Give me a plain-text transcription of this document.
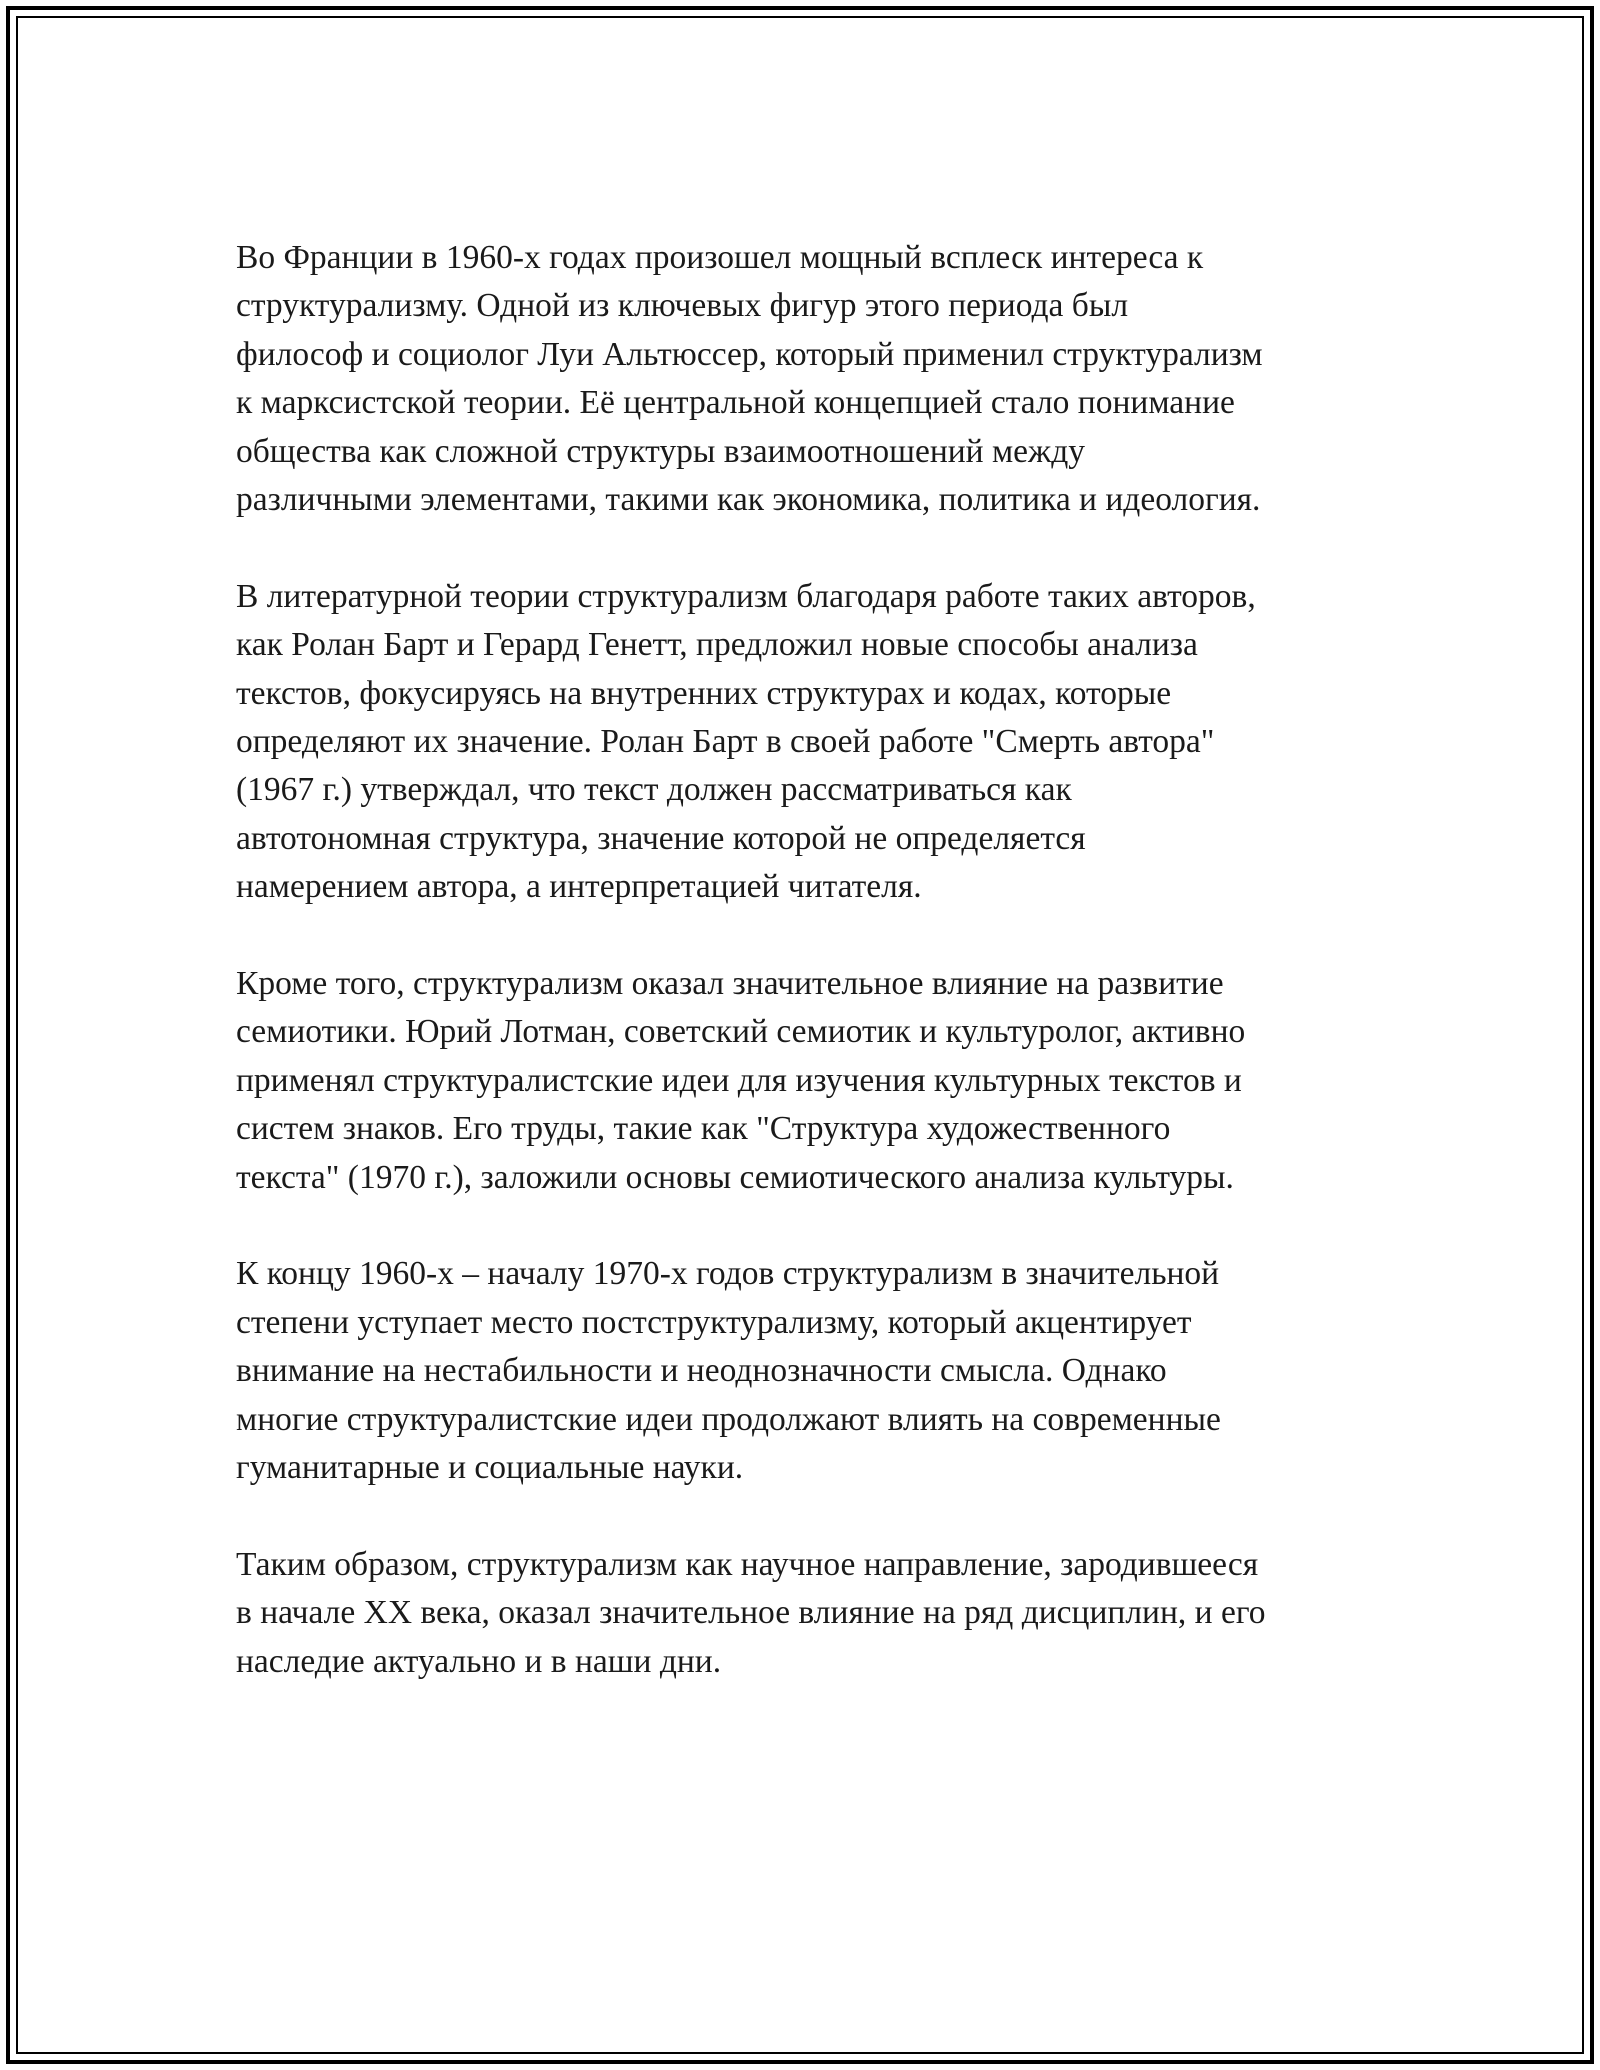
Во Франции в 1960-х годах произошел мощный всплеск интереса к
структурализму. Одной из ключевых фигур этого периода был
философ и социолог Луи Альтюссер, который применил структурализм
к марксистской теории. Её центральной концепцией стало понимание
общества как сложной структуры взаимоотношений между
различными элементами, такими как экономика, политика и идеология.
В литературной теории структурализм благодаря работе таких авторов,
как Ролан Барт и Герард Генетт, предложил новые способы анализа
текстов, фокусируясь на внутренних структурах и кодах, которые
определяют их значение. Ролан Барт в своей работе "Смерть автора"
(1967 г.) утверждал, что текст должен рассматриваться как
автотономная структура, значение которой не определяется
намерением автора, а интерпретацией читателя.
Кроме того, структурализм оказал значительное влияние на развитие
семиотики. Юрий Лотман, советский семиотик и культуролог, активно
применял структуралистские идеи для изучения культурных текстов и
систем знаков. Его труды, такие как "Структура художественного
текста" (1970 г.), заложили основы семиотического анализа культуры.
К концу 1960-х – началу 1970-х годов структурализм в значительной
степени уступает место постструктурализму, который акцентирует
внимание на нестабильности и неоднозначности смысла. Однако
многие структуралистские идеи продолжают влиять на современные
гуманитарные и социальные науки.
Таким образом, структурализм как научное направление, зародившееся
в начале XX века, оказал значительное влияние на ряд дисциплин, и его
наследие актуально и в наши дни.
